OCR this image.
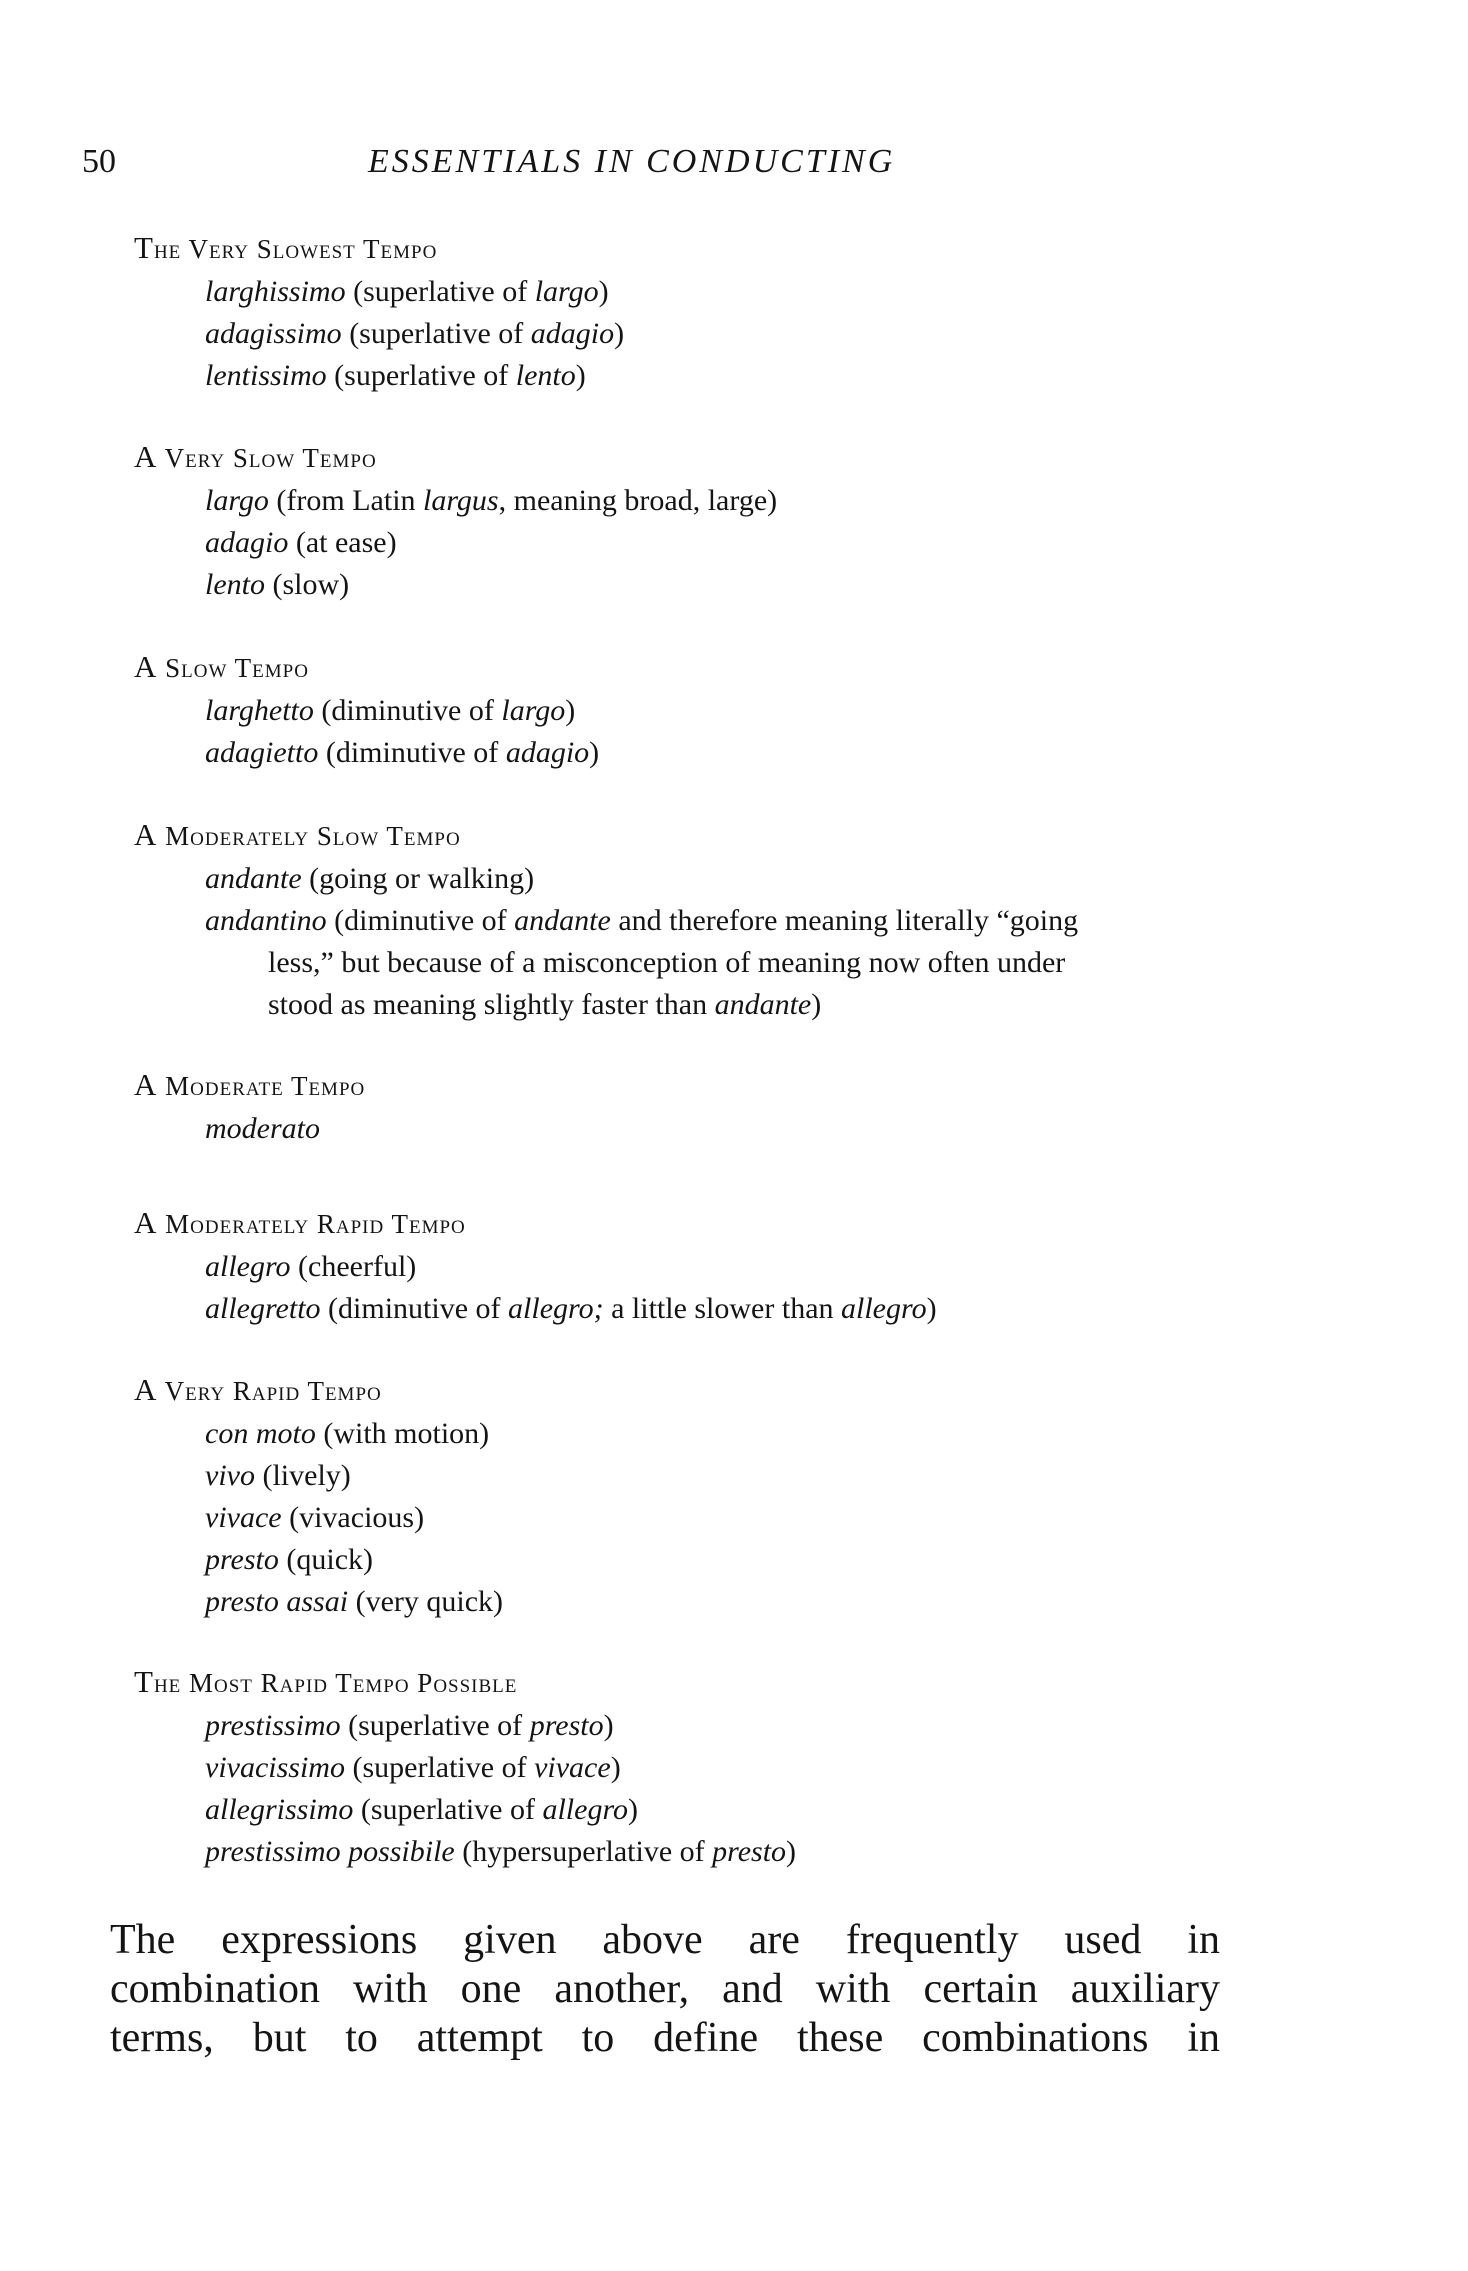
50	ESSENTIALS IN CONDUCTING
The Very Slowest Tempo
larghissimo (superlative of largo)
adagissimo (superlative of adagio)
lentissimo (superlative of lento)
A Very Slow Tempo
largo (from Latin largus, meaning broad, large)
adagio (at ease)
lento (slow)
A Slow Tempo
larghetto (diminutive of largo)
adagietto (diminutive of adagio)
A Moderately Slow Tempo
andante (going or walking)
andantino (diminutive of andante and therefore meaning literally “going
less,” but because of a misconception of meaning now often under
stood as meaning slightly faster than andante)
A Moderate Tempo
moderato
A Moderately Rapid Tempo
allegro (cheerful)
allegretto (diminutive of allegro; a little slower than allegro)
A Very Rapid Tempo
con moto (with motion)
vivo (lively)
vivace (vivacious)
presto (quick)
presto assai (very quick)
The Most Rapid Tempo Possible
prestissimo (superlative of presto)
vivacissimo (superlative of vivace)
allegrissimo (superlative of allegro)
prestissimo possibile (hypersuperlative of presto)
The expressions given above are frequently used in
combination with one another, and with certain auxiliary
terms, but to attempt to define these combinations in
